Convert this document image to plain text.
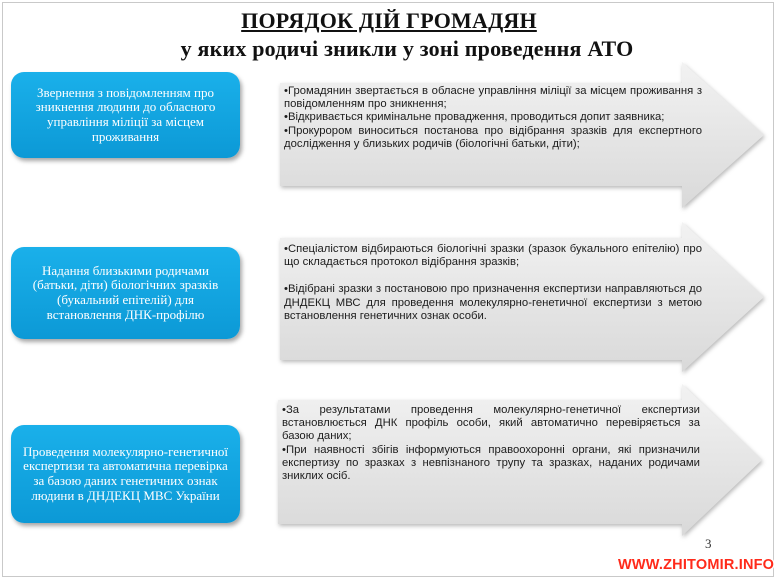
ПОРЯДОК ДІЙ ГРОМАДЯН
у яких родичі зникли у зоні проведення АТО

•Громадянин звертається в обласне управління міліції за місцем проживання з повідомленням про зникнення;

•Відкривається кримінальне провадження, проводиться допит заявника;

•Прокурором виноситься постанова про відібрання зразків для експертного дослідження у близьких родичів (біологічні батьки, діти);

•Спеціалістом відбираються біологічні зразки (зразок букального епітелію) про що складається протокол відібрання зразків;

•Відібрані зразки з постановою про призначення експертизи направляються до ДНДЕКЦ МВС для проведення молекулярно-генетичної експертизи з метою встановлення генетичних ознак особи.

•За результатами проведення молекулярно-генетичної експертизи встановлюється ДНК профіль особи, який автоматично перевіряється за базою даних;

•При наявності збігів інформуються правоохоронні органи, які призначили експертизу по зразках з невпізнаного трупу та зразках, наданих родичами зниклих осіб.

Звернення з повідомленням про зникнення людини до обласного управління міліції за місцем проживання
Надання близькими родичами (батьки, діти) біологічних зразків (букальний епітелій) для встановлення ДНК-профілю
Проведення молекулярно-генетичної експертизи та автоматична перевірка за базою даних генетичних ознак людини в ДНДЕКЦ МВС України
3
WWW.ZHITOMIR.INFO
